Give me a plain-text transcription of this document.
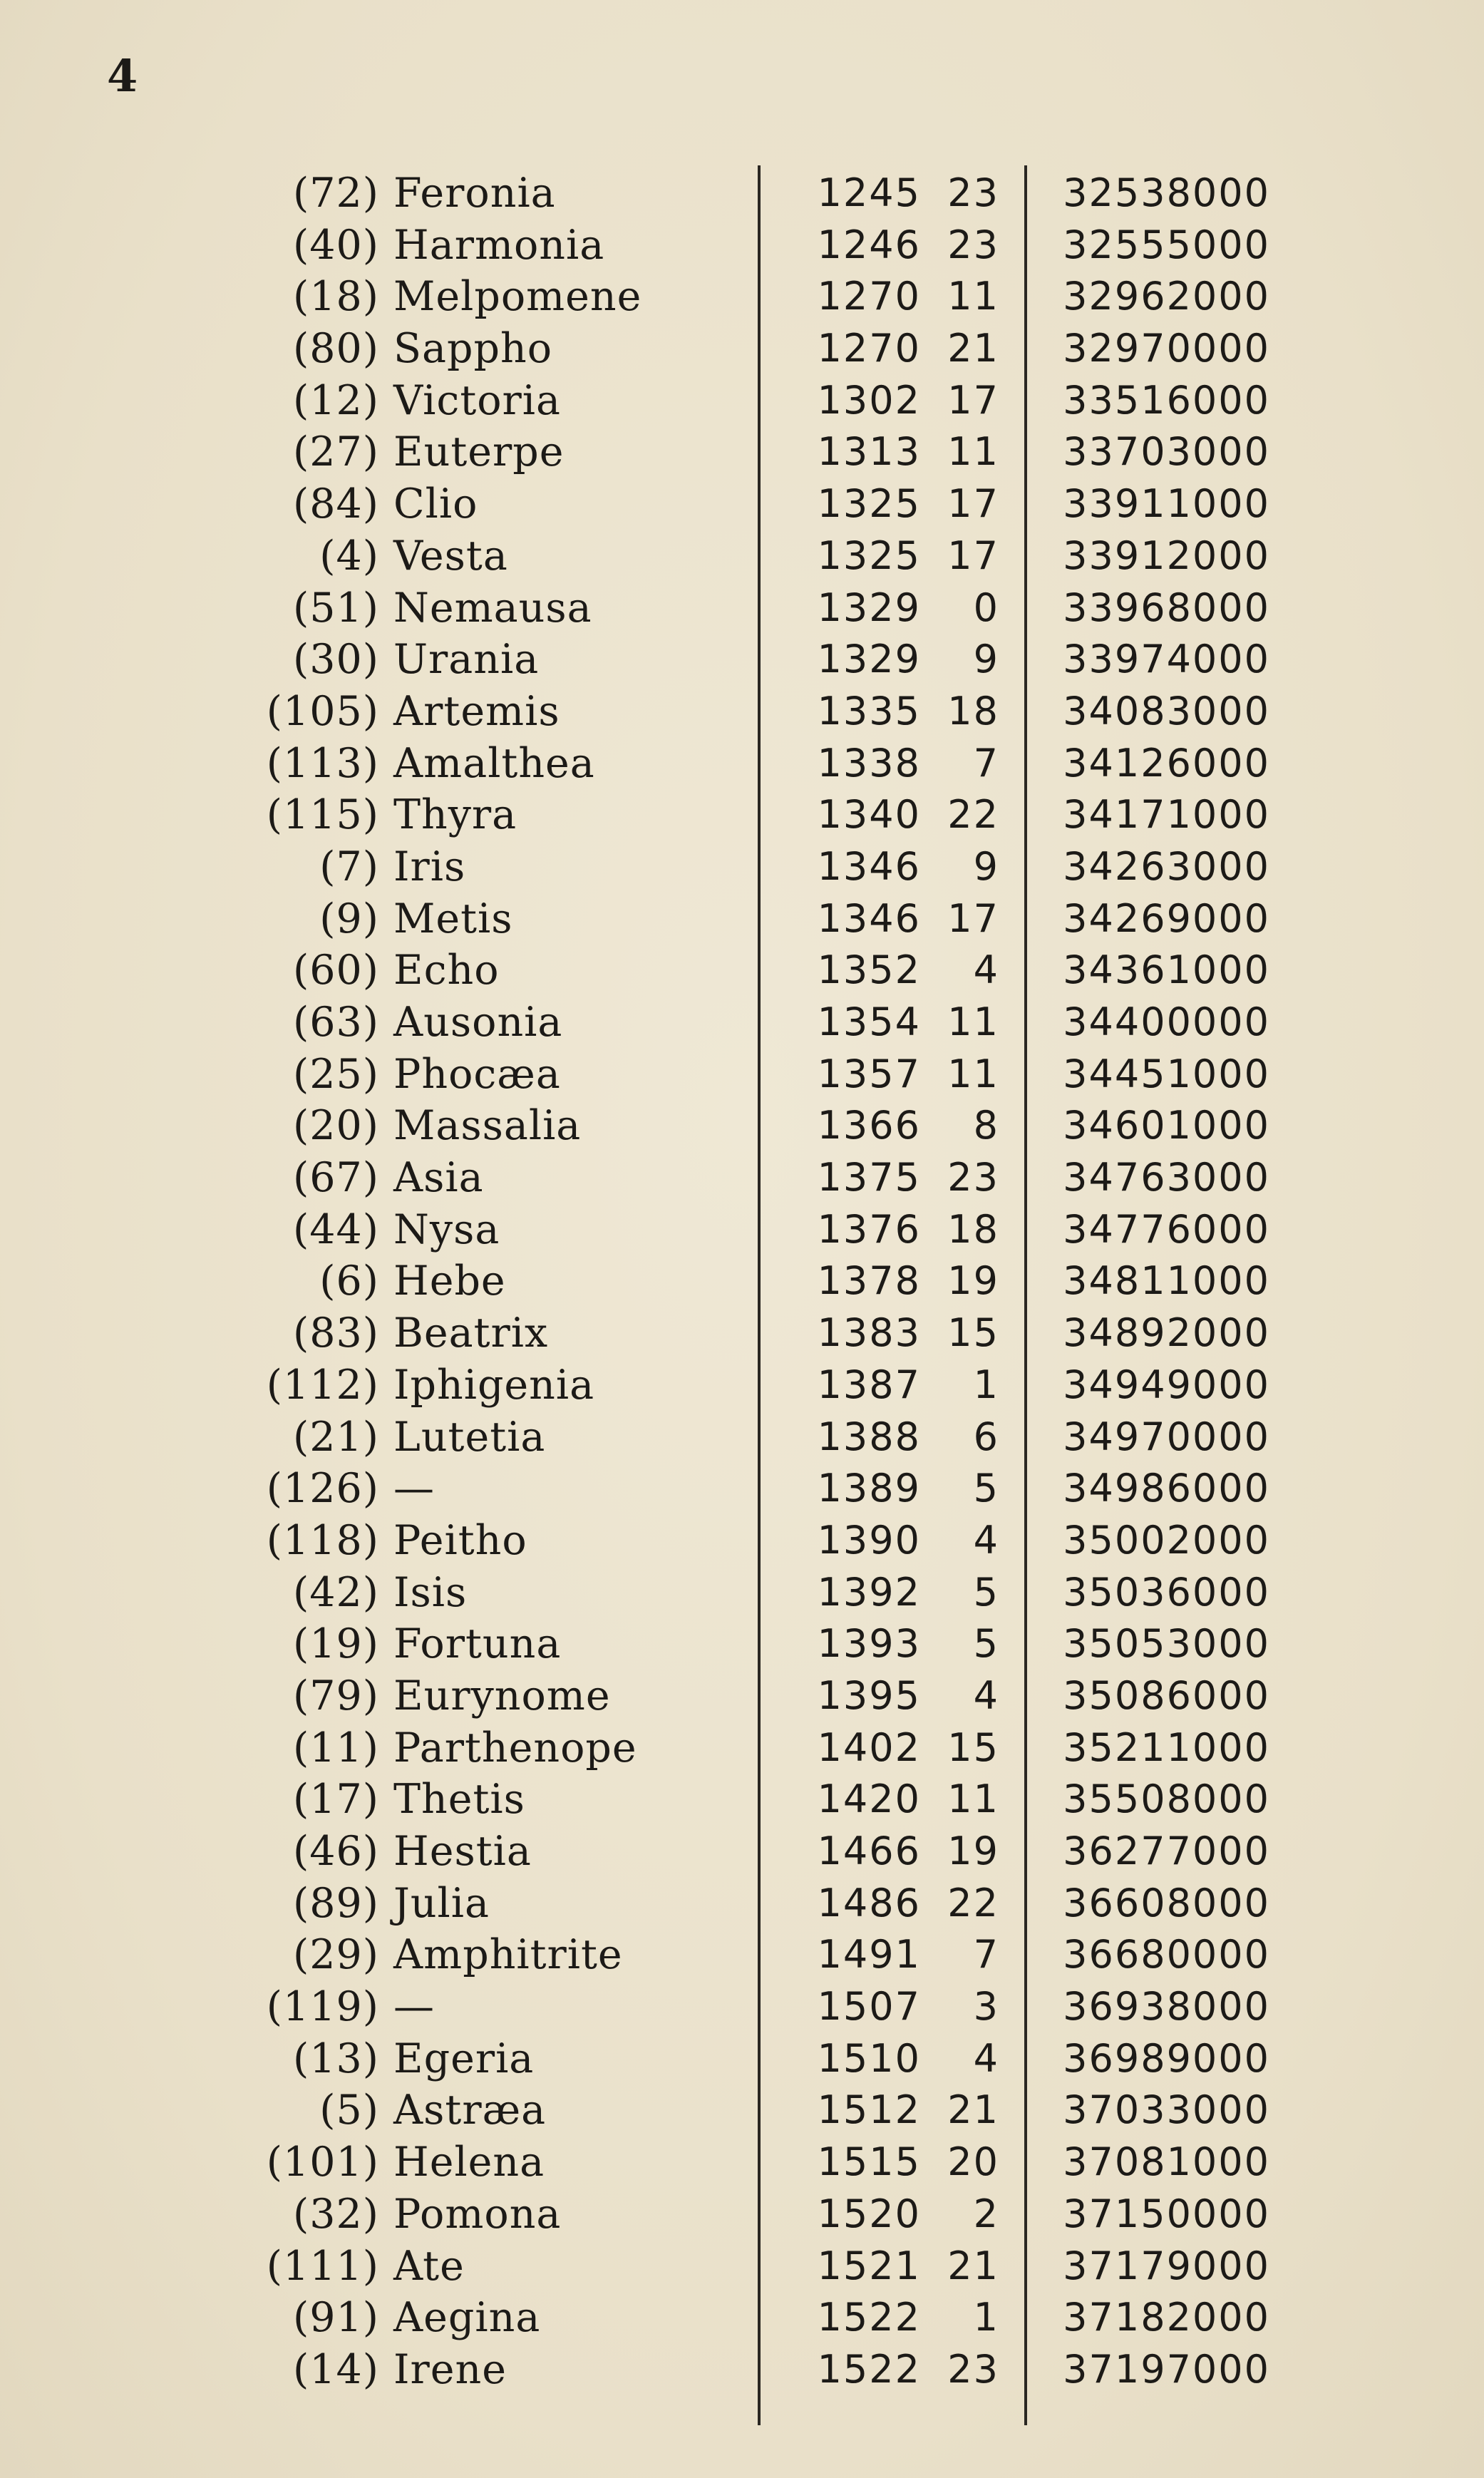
4
(72) Feronia	1245 23 32538000
(40) Harmonia	1246 23 32555000
(18) Melpomene	1270 11 32962000
(80) Sappho	1270 21 32970000
(12) Victoria	1302 17 33516000
(27) Euterpe	1313 11 33703000
(84) Clio	1325 17 33911000
(4) Vesta	1325 17 33912000
(51) Nemausa	1329 0 33968000
(30) Urania	1329 9 33974000
(105) Artemis	1335 18 34083000
(113) Amalthea	1338 7 34126000
(115) Thyra	1340 22 34171000
(7) Iris	1346 9 34263000
(9) Metis	1346 17 34269000
(60) Echo	1352 4 34361000
(63) Ausonia	1354 11 34400000
(25) Phocæa	1357 11 34451000
(20) Massalia	1366 8 34601000
(67) Asia	1375 23 34763000
(44) Nysa	1376 18 34776000
(6) Hebe	1378 19 34811000
(83) Beatrix	1383 15 34892000
(112) Iphigenia	1387 1 34949000
(21) Lutetia	1388 6 34970000
(126) —	1389 5 34986000
(118) Peitho	1390 4 35002000
(42) Isis	1392 5 35036000
(19) Fortuna	1393 5 35053000
(79) Eurynome	1395 4 35086000
(11) Parthenope	1402 15 35211000
(17) Thetis	1420 11 35508000
(46) Hestia	1466 19 36277000
(89) Julia	1486 22 36608000
(29) Amphitrite	1491 7 36680000
(119) —	1507 3 36938000
(13) Egeria	1510 4 36989000
(5) Astræa	1512 21 37033000
(101) Helena	1515 20 37081000
(32) Pomona	1520 2 37150000
(111) Ate	1521 21 37179000
(91) Aegina	1522 1 37182000
(14) Irene	1522 23 37197000
